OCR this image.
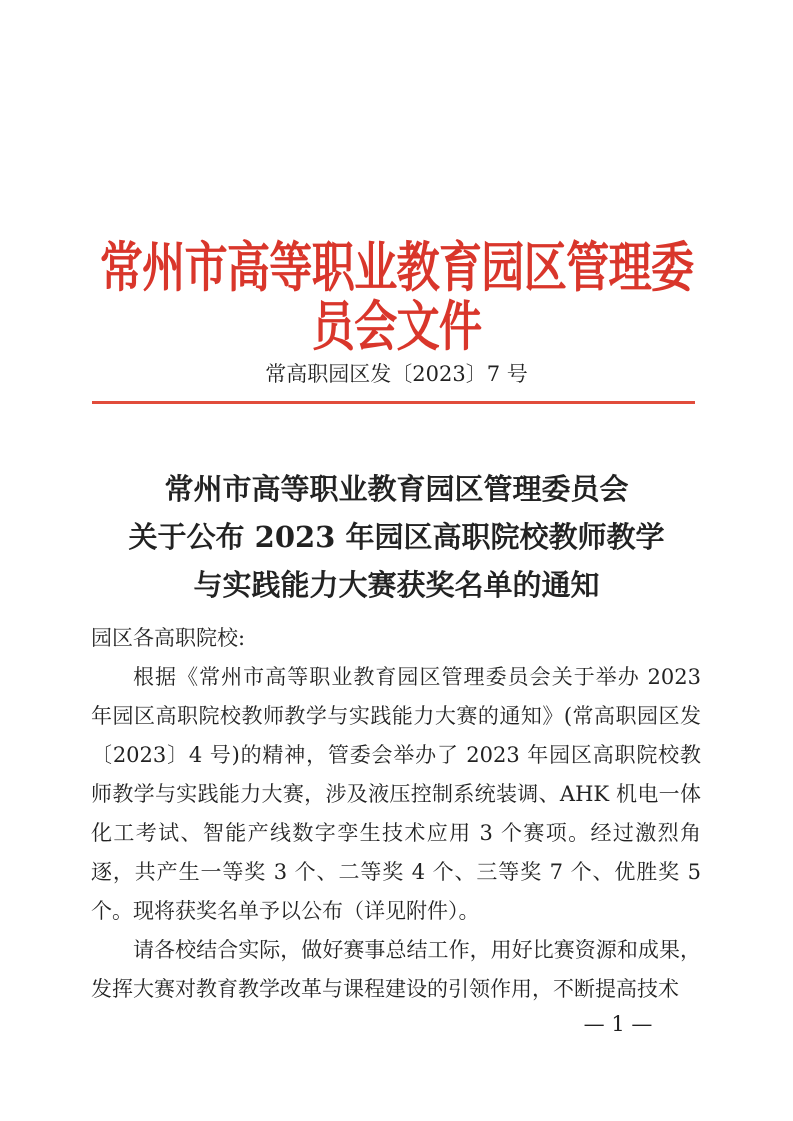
常州市高等职业教育园区管理委员会文件
常高职园区发〔2023〕7 号
常州市高等职业教育园区管理委员会
关于公布 2023 年园区高职院校教师教学
与实践能力大赛获奖名单的通知

园区各高职院校:

根据《常州市高等职业教育园区管理委员会关于举办 2023 年园区高职院校教师教学与实践能力大赛的通知》(常高职园区发〔2023〕4 号)的精神，管委会举办了 2023 年园区高职院校教师教学与实践能力大赛，涉及液压控制系统装调、AHK 机电一体化工考试、智能产线数字孪生技术应用 3 个赛项。经过激烈角逐，共产生一等奖 3 个、二等奖 4 个、三等奖 7 个、优胜奖 5 个。现将获奖名单予以公布（详见附件）。

请各校结合实际，做好赛事总结工作，用好比赛资源和成果，发挥大赛对教育教学改革与课程建设的引领作用，不断提高技术

— 1 —
